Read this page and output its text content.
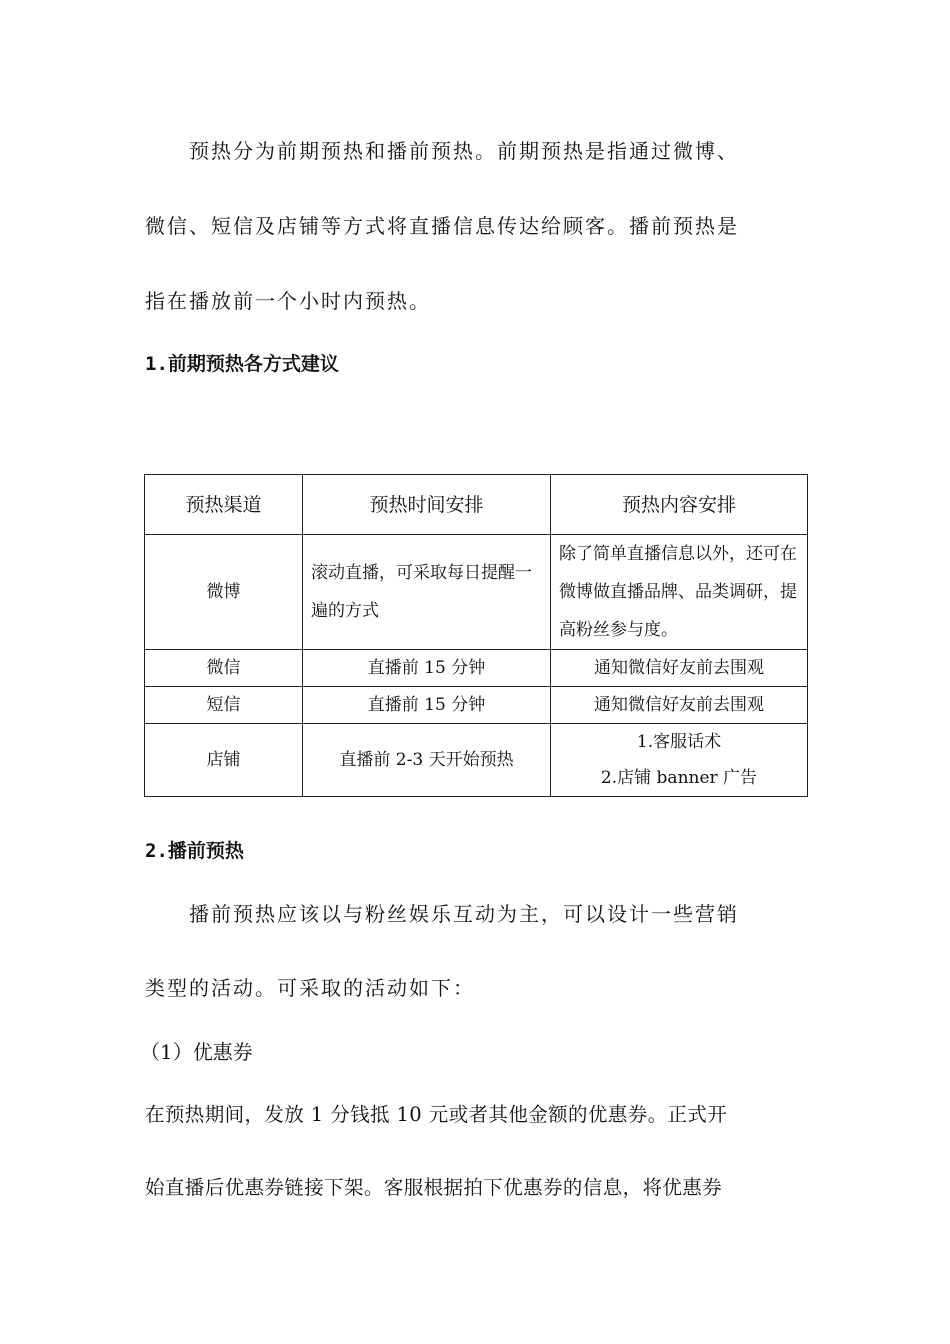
预热分为前期预热和播前预热。前期预热是指通过微博、
微信、短信及店铺等方式将直播信息传达给顾客。播前预热是
指在播放前一个小时内预热。
1.前期预热各方式建议
预热渠道	预热时间安排	预热内容安排
微博	滚动直播，可采取每日提醒一遍的方式	除了简单直播信息以外，还可在微博做直播品牌、品类调研，提高粉丝参与度。
微信	直播前 15 分钟	通知微信好友前去围观
短信	直播前 15 分钟	通知微信好友前去围观
店铺	直播前 2-3 天开始预热	1.客服话术
2.店铺 banner 广告
2.播前预热
播前预热应该以与粉丝娱乐互动为主，可以设计一些营销
类型的活动。可采取的活动如下：
（1）优惠券
在预热期间，发放 1 分钱抵 10 元或者其他金额的优惠券。正式开
始直播后优惠券链接下架。客服根据拍下优惠券的信息，将优惠券
